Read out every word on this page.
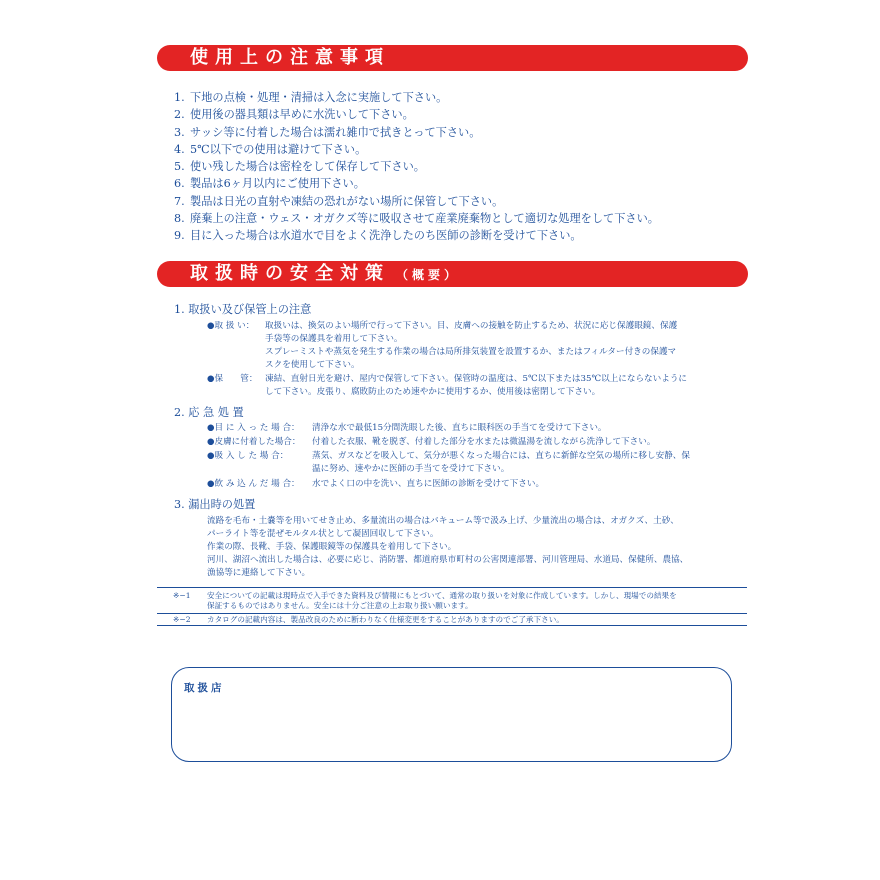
使用上の注意事項
1. 下地の点検・処理・清掃は入念に実施して下さい。
2. 使用後の器具類は早めに水洗いして下さい。
3. サッシ等に付着した場合は濡れ雑巾で拭きとって下さい。
4. 5℃以下での使用は避けて下さい。
5. 使い残した場合は密栓をして保存して下さい。
6. 製品は6ヶ月以内にご使用下さい。
7. 製品は日光の直射や凍結の恐れがない場所に保管して下さい。
8. 廃棄上の注意・ウェス・オガクズ等に吸収させて産業廃棄物として適切な処理をして下さい。
9. 目に入った場合は水道水で目をよく洗浄したのち医師の診断を受けて下さい。
取扱時の安全対策 （概要）
1. 取扱い及び保管上の注意
●取 扱 い： 取扱いは、換気のよい場所で行って下さい。目、皮膚への接触を防止するため、状況に応じ保護眼鏡、保護
手袋等の保護具を着用して下さい。
スプレーミストや蒸気を発生する作業の場合は局所排気装置を設置するか、またはフィルター付きの保護マ
スクを使用して下さい。
●保　　管： 凍結、直射日光を避け、屋内で保管して下さい。保管時の温度は、5℃以下または35℃以上にならないように
して下さい。皮張り、腐敗防止のため速やかに使用するか、使用後は密閉して下さい。
2. 応 急 処 置
●目 に 入 っ た 場 合： 清浄な水で最低15分間洗眼した後、直ちに眼科医の手当てを受けて下さい。
●皮膚に付着した場合： 付着した衣服、靴を脱ぎ、付着した部分を水または微温湯を流しながら洗浄して下さい。
●吸 入 し た 場 合：	蒸気、ガスなどを吸入して、気分が悪くなった場合には、直ちに新鮮な空気の場所に移し安静、保
温に努め、速やかに医師の手当てを受けて下さい。
●飲 み 込 ん だ 場 合： 水でよく口の中を洗い、直ちに医師の診断を受けて下さい。
3. 漏出時の処置
流路を毛布・土嚢等を用いてせき止め、多量流出の場合はバキューム等で汲み上げ、少量流出の場合は、オガクズ、土砂、
パーライト等を混ぜモルタル状として凝固回収して下さい。
作業の際、長靴、手袋、保護眼鏡等の保護具を着用して下さい。
河川、湖沼へ流出した場合は、必要に応じ、消防署、都道府県市町村の公害関連部署、河川管理局、水道局、保健所、農協、
漁協等に連絡して下さい。
※−1 安全についての記載は現時点で入手できた資料及び情報にもとづいて、通常の取り扱いを対象に作成しています。しかし、現場での結果を
保証するものではありません。安全には十分ご注意の上お取り扱い願います。
※−2 カタログの記載内容は、製品改良のために断わりなく仕様変更をすることがありますのでご了承下さい。
取扱店
